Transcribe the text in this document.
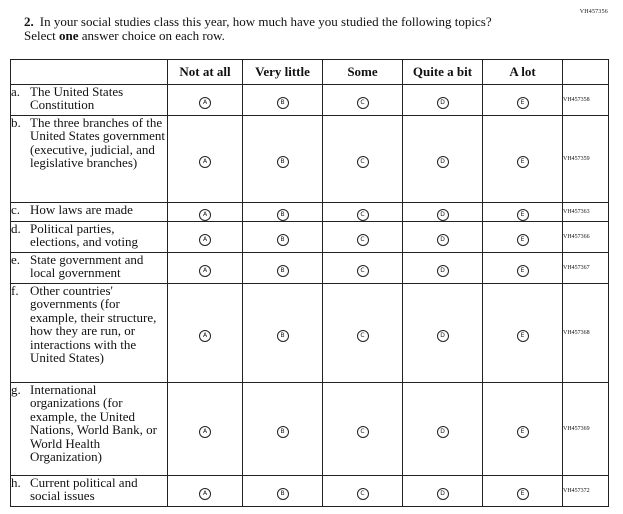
VH457356
2. In your social studies class this year, how much have you studied the following topics? Select one answer choice on each row.
	Not at all	Very little	Some	Quite a bit	A lot	

a. The United States Constitution	A	B	C	D	E	VH457358

b. The three branches of the United States government (executive, judicial, and legislative branches)	A	B	C	D	E	VH457359

c. How laws are made	A	B	C	D	E	VH457363

d. Political parties, elections, and voting	A	B	C	D	E	VH457366

e. State government and local government	A	B	C	D	E	VH457367

f. Other countries' governments (for example, their structure, how they are run, or interactions with the United States)	A	B	C	D	E	VH457368

g. International organizations (for example, the United Nations, World Bank, or World Health Organization)	A	B	C	D	E	VH457369

h. Current political and social issues	A	B	C	D	E	VH457372
